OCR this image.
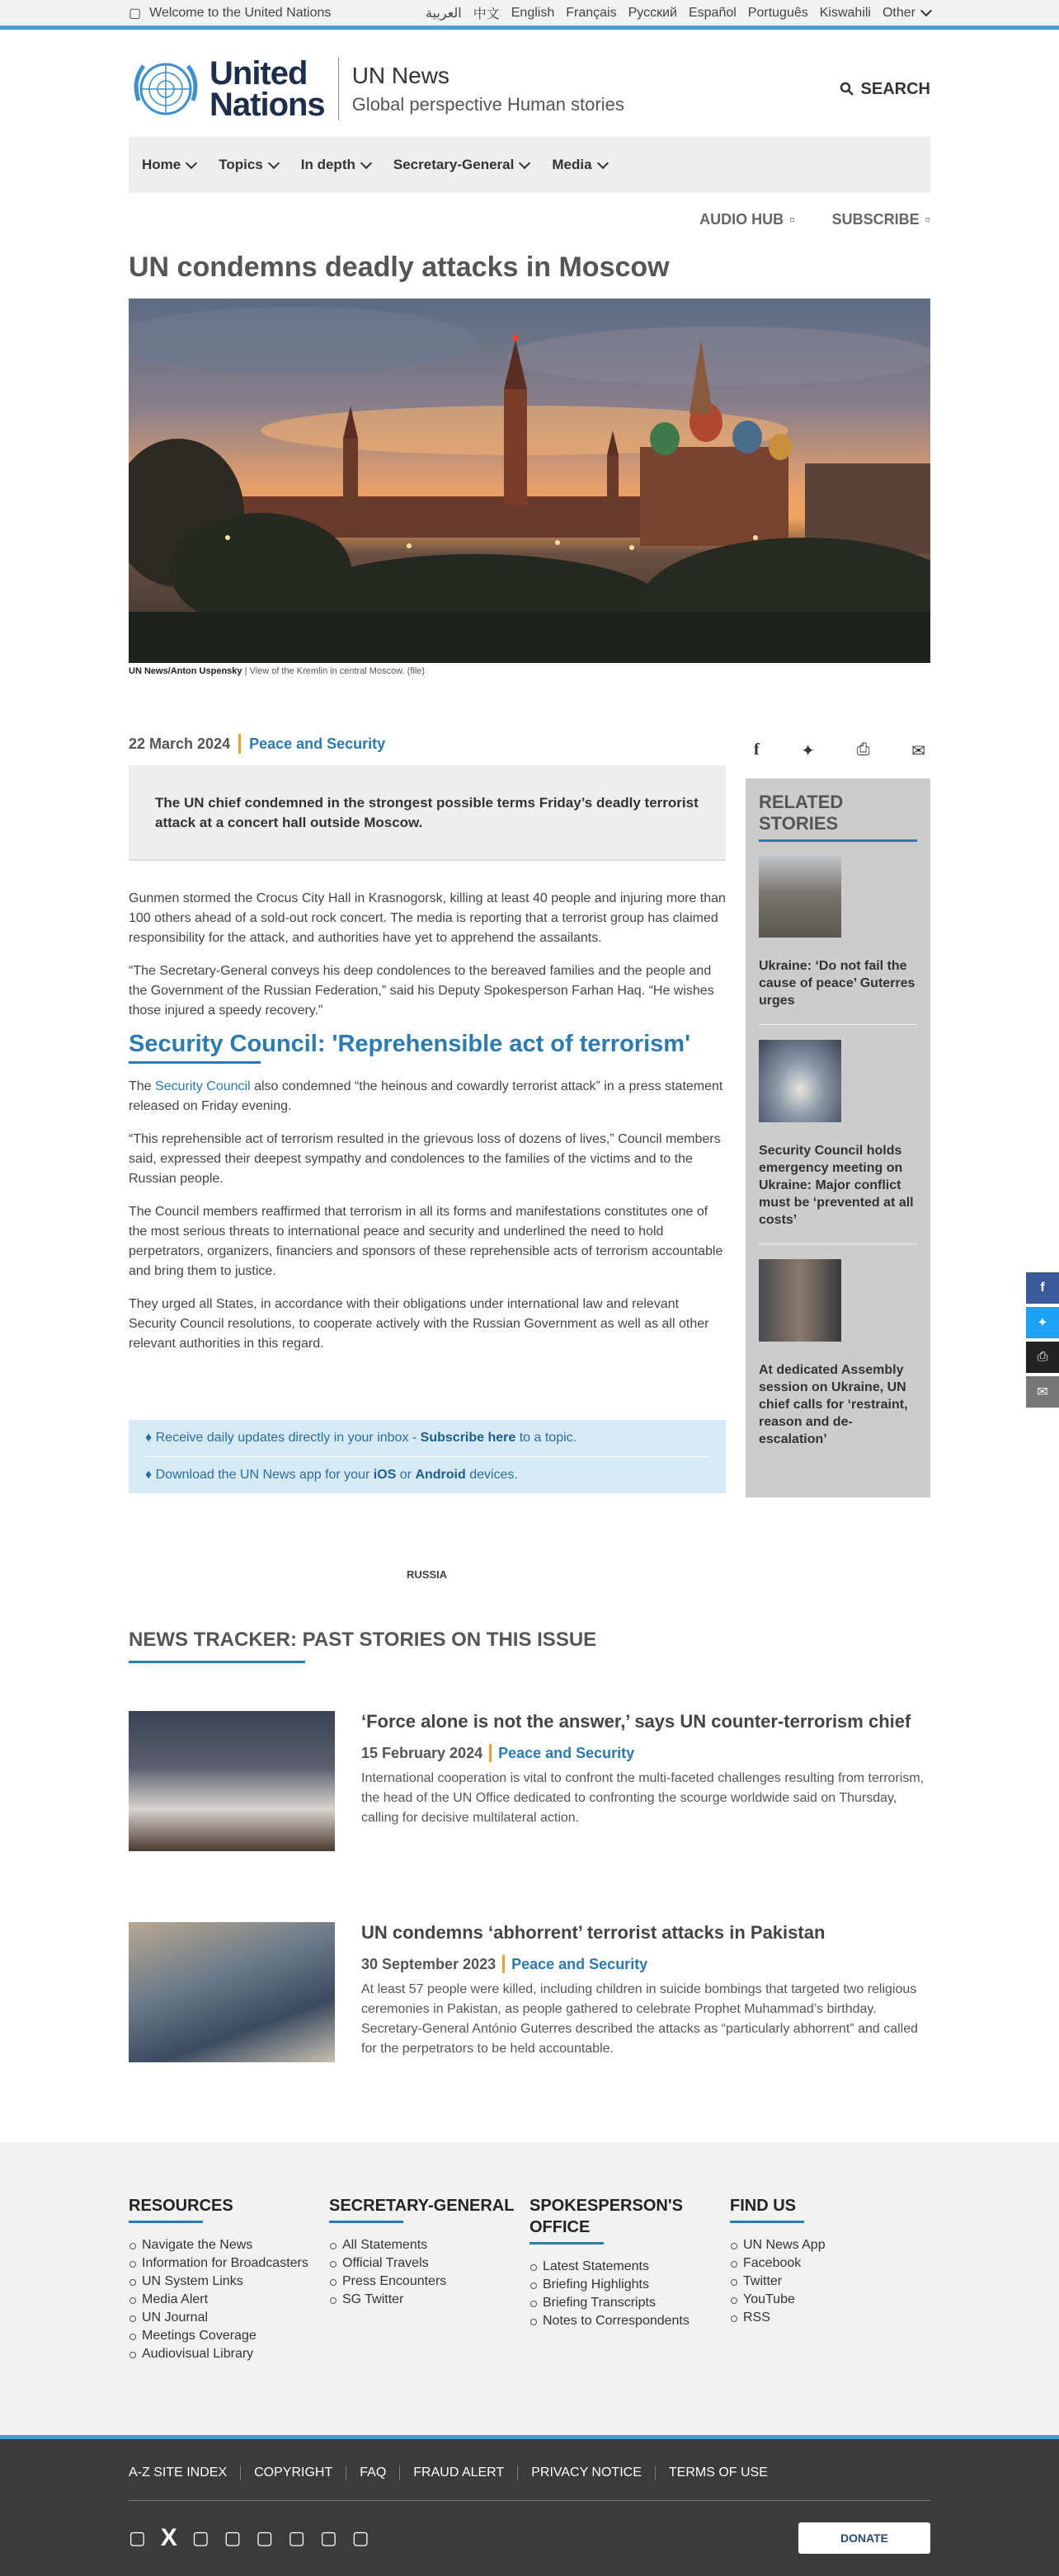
▢ Welcome to the United Nations	العربية 中文 English Français Русский Español Português Kiswahili Other
United
Nations
UN News
Global perspective Human stories
SEARCH
Home	Topics	In depth	Secretary-General	Media
AUDIO HUB ▫	SUBSCRIBE ▫
UN condemns deadly attacks in Moscow
UN News/Anton Uspensky | View of the Kremlin in central Moscow. (file)
22 March 2024 Peace and Security
The UN chief condemned in the strongest possible terms Friday’s deadly terrorist attack at a concert hall outside Moscow.

Gunmen stormed the Crocus City Hall in Krasnogorsk, killing at least 40 people and injuring more than 100 others ahead of a sold-out rock concert. The media is reporting that a terrorist group has claimed responsibility for the attack, and authorities have yet to apprehend the assailants.

“The Secretary-General conveys his deep condolences to the bereaved families and the people and the Government of the Russian Federation,” said his Deputy Spokesperson Farhan Haq. “He wishes those injured a speedy recovery.”

Security Council: 'Reprehensible act of terrorism'

The Security Council also condemned “the heinous and cowardly terrorist attack” in a press statement released on Friday evening.

“This reprehensible act of terrorism resulted in the grievous loss of dozens of lives,” Council members said, expressed their deepest sympathy and condolences to the families of the victims and to the Russian people.

The Council members reaffirmed that terrorism in all its forms and manifestations constitutes one of the most serious threats to international peace and security and underlined the need to hold perpetrators, organizers, financiers and sponsors of these reprehensible acts of terrorism accountable and bring them to justice.

They urged all States, in accordance with their obligations under international law and relevant Security Council resolutions, to cooperate actively with the Russian Government as well as all other relevant authorities in this regard.

♦ Receive daily updates directly in your inbox - Subscribe here to a topic.
♦ Download the UN News app for your iOS or Android devices.
f	✦	⎙	✉
RELATED STORIES
Ukraine: ‘Do not fail the cause of peace’ Guterres urges
Security Council holds emergency meeting on Ukraine: Major conflict must be ‘prevented at all costs’
At dedicated Assembly session on Ukraine, UN chief calls for ‘restraint, reason and de-escalation’
RUSSIA
NEWS TRACKER: PAST STORIES ON THIS ISSUE
‘Force alone is not the answer,’ says UN counter-terrorism chief
15 February 2024 Peace and Security
International cooperation is vital to confront the multi-faceted challenges resulting from terrorism, the head of the UN Office dedicated to confronting the scourge worldwide said on Thursday, calling for decisive multilateral action.
UN condemns ‘abhorrent’ terrorist attacks in Pakistan
30 September 2023 Peace and Security
At least 57 people were killed, including children in suicide bombings that targeted two religious ceremonies in Pakistan, as people gathered to celebrate Prophet Muhammad’s birthday. Secretary-General António Guterres described the attacks as “particularly abhorrent” and called for the perpetrators to be held accountable.
RESOURCES
Navigate the News
Information for Broadcasters
UN System Links
Media Alert
UN Journal
Meetings Coverage
Audiovisual Library
SECRETARY-GENERAL
All Statements
Official Travels
Press Encounters
SG Twitter
SPOKESPERSON'S OFFICE
Latest Statements
Briefing Highlights
Briefing Transcripts
Notes to Correspondents
FIND US
UN News App
Facebook
Twitter
YouTube
RSS
A-Z SITE INDEX	COPYRIGHT	FAQ	FRAUD ALERT	PRIVACY NOTICE	TERMS OF USE
▢ X ▢ ▢ ▢ ▢ ▢ ▢	DONATE
f
✦
⎙
✉
